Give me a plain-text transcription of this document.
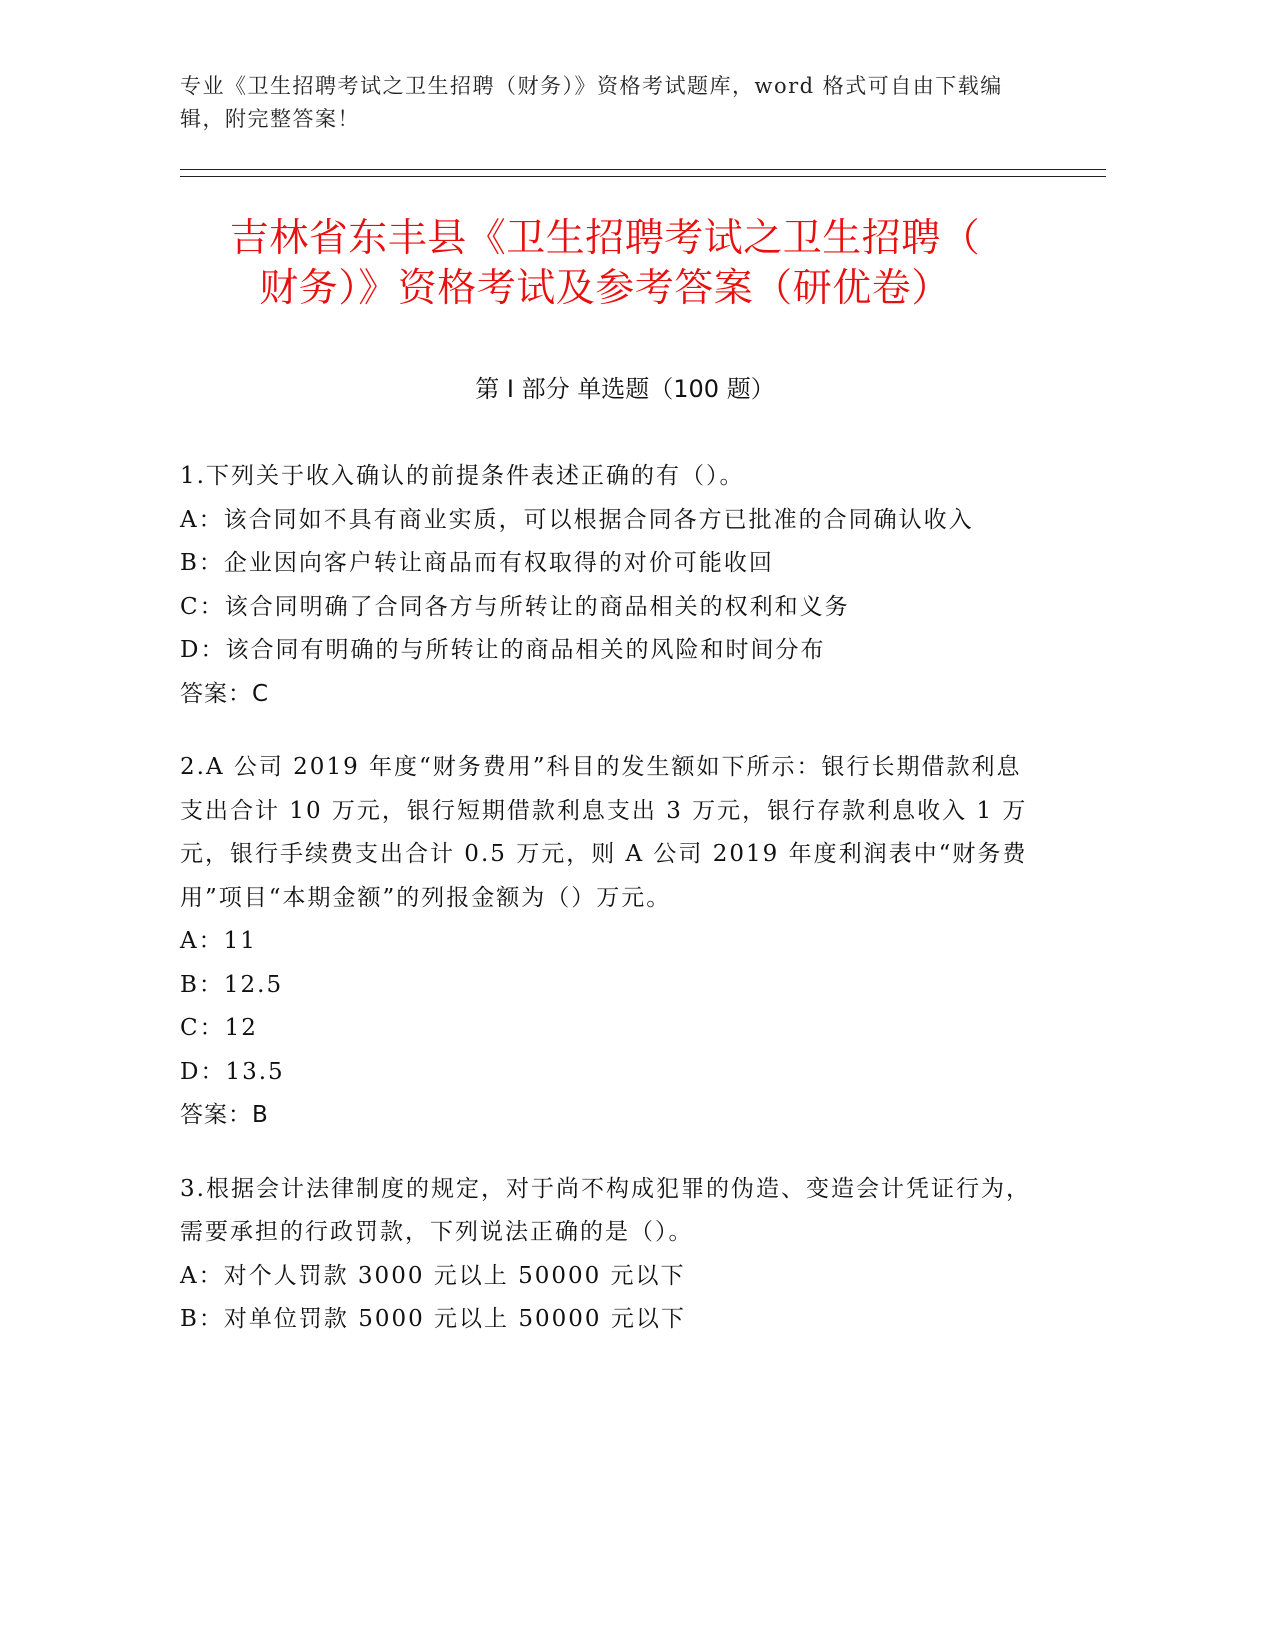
专业《卫生招聘考试之卫生招聘（财务）》资格考试题库，word 格式可自由下载编辑，附完整答案！
吉林省东丰县《卫生招聘考试之卫生招聘（
财务）》资格考试及参考答案（研优卷）
第 I 部分 单选题（100 题）
1.下列关于收入确认的前提条件表述正确的有（）。
A：该合同如不具有商业实质，可以根据合同各方已批准的合同确认收入
B：企业因向客户转让商品而有权取得的对价可能收回
C：该合同明确了合同各方与所转让的商品相关的权利和义务
D：该合同有明确的与所转让的商品相关的风险和时间分布
答案：C
2.A 公司 2019 年度“财务费用”科目的发生额如下所示：银行长期借款利息支出合计 10 万元，银行短期借款利息支出 3 万元，银行存款利息收入 1 万元，银行手续费支出合计 0.5 万元，则 A 公司 2019 年度利润表中“财务费用”项目“本期金额”的列报金额为（）万元。
A：11
B：12.5
C：12
D：13.5
答案：B
3.根据会计法律制度的规定，对于尚不构成犯罪的伪造、变造会计凭证行为，需要承担的行政罚款，下列说法正确的是（）。
A：对个人罚款 3000 元以上 50000 元以下
B：对单位罚款 5000 元以上 50000 元以下
